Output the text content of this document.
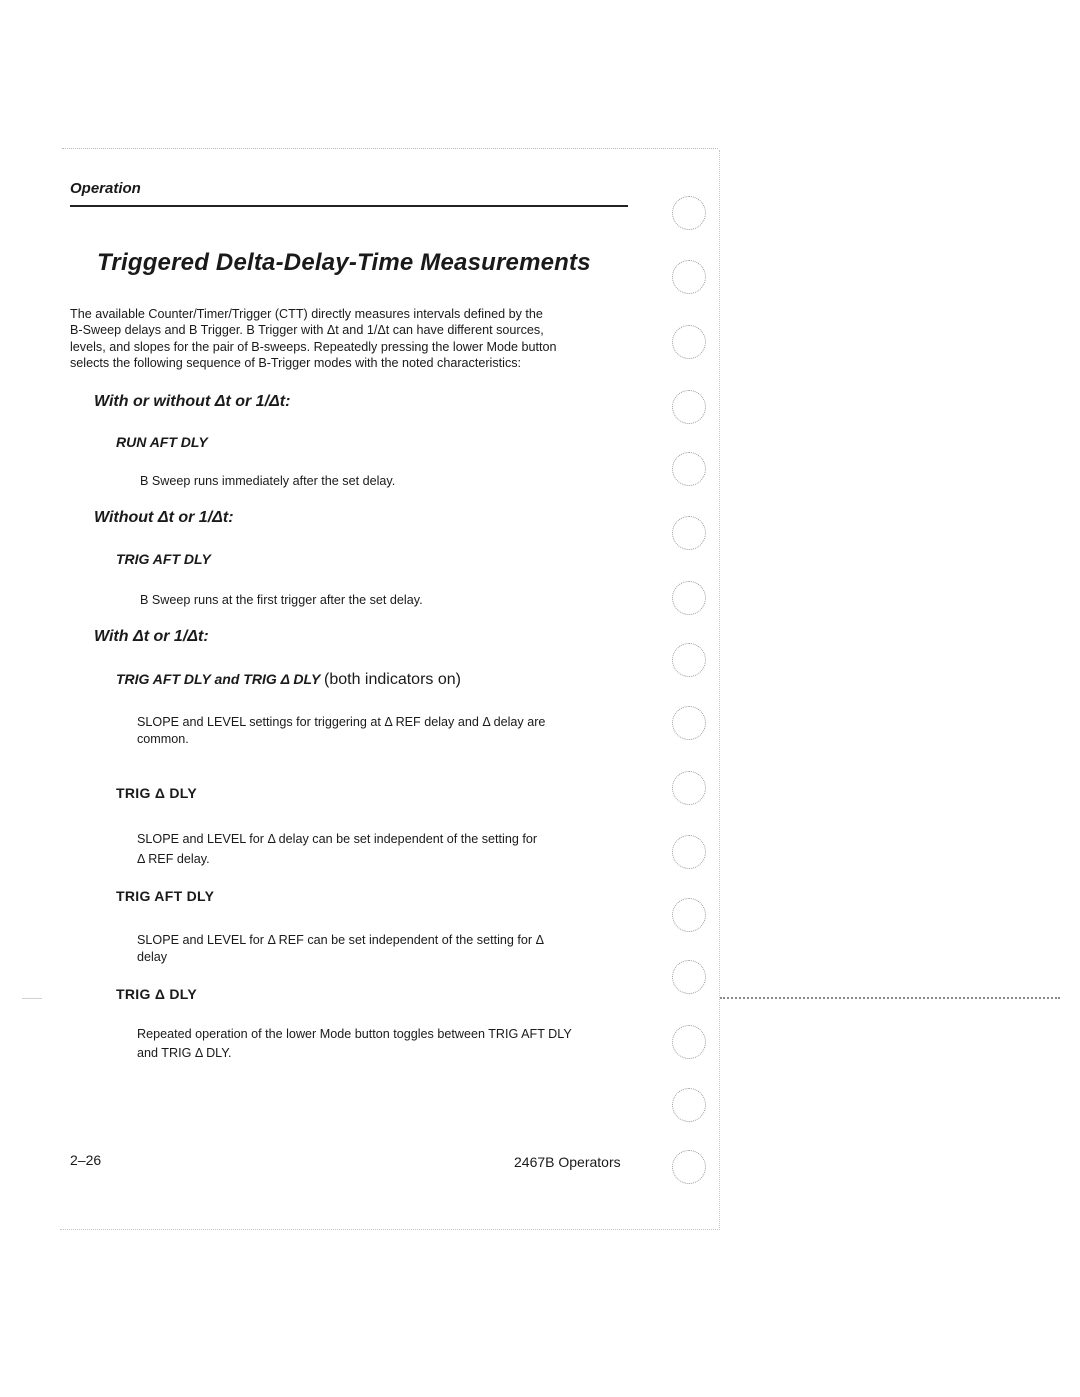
Operation
Triggered Delta-Delay-Time Measurements

The available Counter/Timer/Trigger (CTT) directly measures intervals defined by the

B-Sweep delays and B Trigger. B Trigger with Δt and 1/Δt can have different sources,

levels, and slopes for the pair of B-sweeps. Repeatedly pressing the lower Mode button

selects the following sequence of B-Trigger modes with the noted characteristics:

With or without Δt or 1/Δt:
RUN AFT DLY
B Sweep runs immediately after the set delay.
Without Δt or 1/Δt:
TRIG AFT DLY
B Sweep runs at the first trigger after the set delay.
With Δt or 1/Δt:
TRIG AFT DLY and TRIG Δ DLY (both indicators on)
SLOPE and LEVEL settings for triggering at Δ REF delay and Δ delay are
common.
TRIG Δ DLY
SLOPE and LEVEL for Δ delay can be set independent of the setting for
Δ REF delay.
TRIG AFT DLY
SLOPE and LEVEL for Δ REF can be set independent of the setting for Δ
delay
TRIG Δ DLY
Repeated operation of the lower Mode button toggles between TRIG AFT DLY
and TRIG Δ DLY.
2–26	2467B Operators
